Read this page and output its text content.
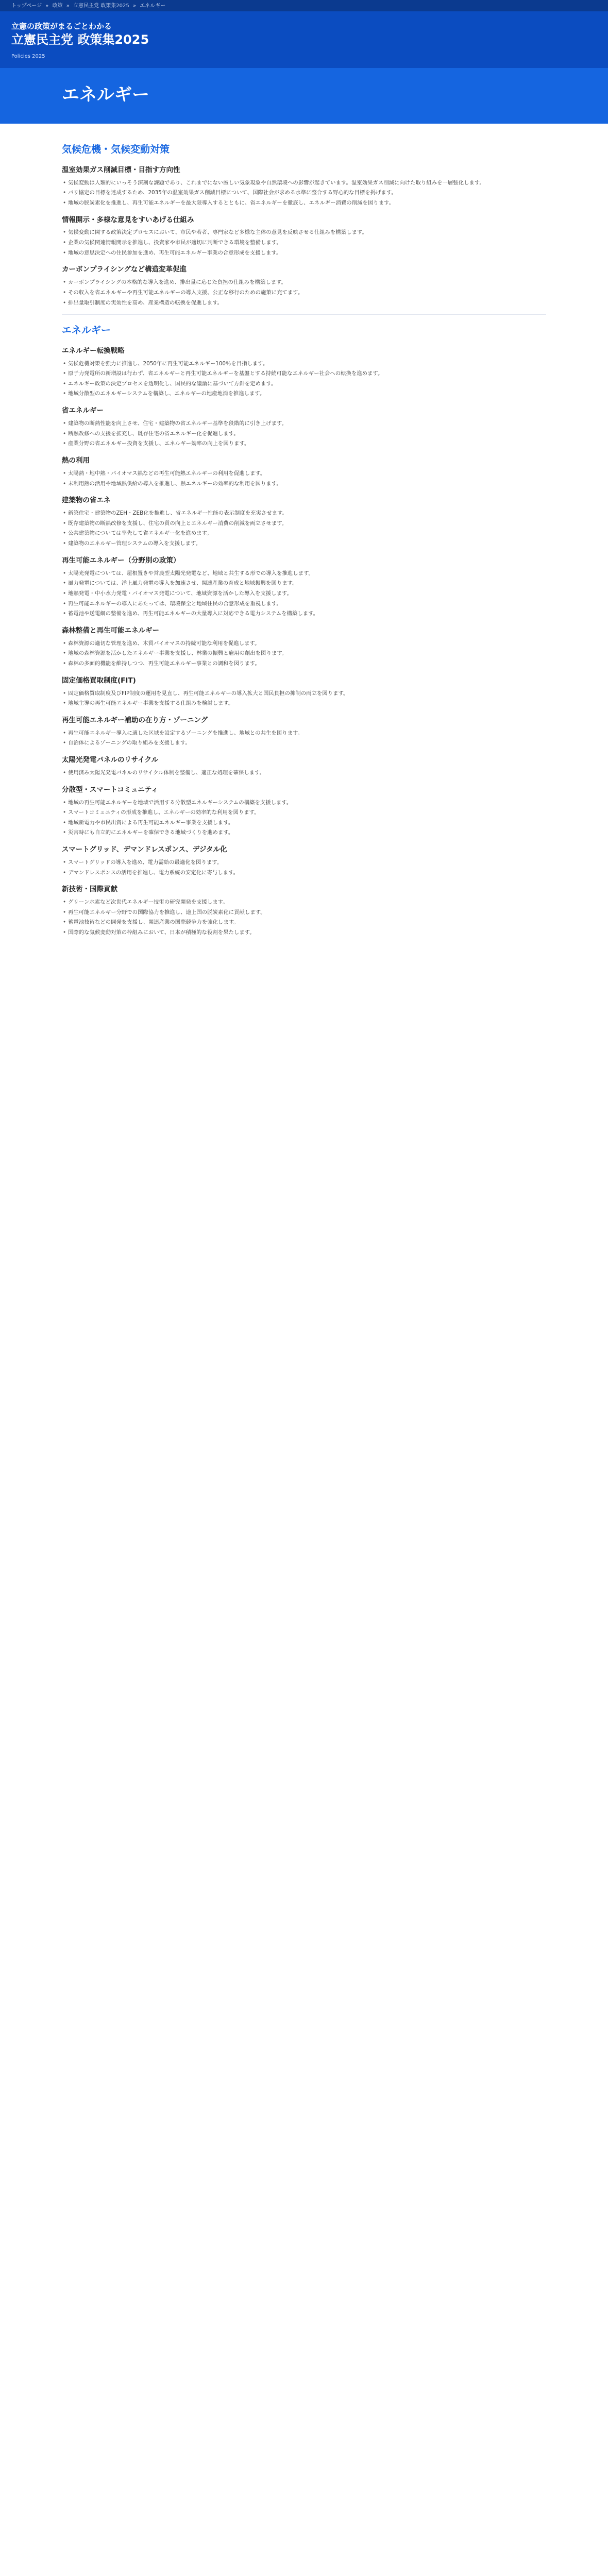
トップページ » 政策 » 立憲民主党 政策集2025 » エネルギー
立憲の政策がまるごとわかる
立憲民主党 政策集2025
Policies 2025
エネルギー
気候危機・気候変動対策
温室効果ガス削減目標・目指す方向性
• 気候変動は人類的にいっそう深刻な課題であり、これまでにない厳しい気象現象や自然環境への影響が起きています。温室効果ガス削減に向けた取り組みを一層強化します。
• パリ協定の目標を達成するため、2035年の温室効果ガス削減目標について、国際社会が求める水準に整合する野心的な目標を掲げます。
• 地域の脱炭素化を推進し、再生可能エネルギーを最大限導入するとともに、省エネルギーを徹底し、エネルギー消費の削減を図ります。
情報開示・多様な意見をすいあげる仕組み
• 気候変動に関する政策決定プロセスにおいて、市民や若者、専門家など多様な主体の意見を反映させる仕組みを構築します。
• 企業の気候関連情報開示を推進し、投資家や市民が適切に判断できる環境を整備します。
• 地域の意思決定への住民参加を進め、再生可能エネルギー事業の合意形成を支援します。
カーボンプライシングなど構造変革促進
• カーボンプライシングの本格的な導入を進め、排出量に応じた負担の仕組みを構築します。
• その収入を省エネルギーや再生可能エネルギーの導入支援、公正な移行のための施策に充てます。
• 排出量取引制度の実効性を高め、産業構造の転換を促進します。
エネルギー
エネルギー転換戦略
• 気候危機対策を強力に推進し、2050年に再生可能エネルギー100％を目指します。
• 原子力発電所の新増設は行わず、省エネルギーと再生可能エネルギーを基盤とする持続可能なエネルギー社会への転換を進めます。
• エネルギー政策の決定プロセスを透明化し、国民的な議論に基づいて方針を定めます。
• 地域分散型のエネルギーシステムを構築し、エネルギーの地産地消を推進します。
省エネルギー
• 建築物の断熱性能を向上させ、住宅・建築物の省エネルギー基準を段階的に引き上げます。
• 断熱改修への支援を拡充し、既存住宅の省エネルギー化を促進します。
• 産業分野の省エネルギー投資を支援し、エネルギー効率の向上を図ります。
熱の利用
• 太陽熱・地中熱・バイオマス熱などの再生可能熱エネルギーの利用を促進します。
• 未利用熱の活用や地域熱供給の導入を推進し、熱エネルギーの効率的な利用を図ります。
建築物の省エネ
• 新築住宅・建築物のZEH・ZEB化を推進し、省エネルギー性能の表示制度を充実させます。
• 既存建築物の断熱改修を支援し、住宅の質の向上とエネルギー消費の削減を両立させます。
• 公共建築物については率先して省エネルギー化を進めます。
• 建築物のエネルギー管理システムの導入を支援します。
再生可能エネルギー（分野別の政策）
• 太陽光発電については、屋根置きや営農型太陽光発電など、地域と共生する形での導入を推進します。
• 風力発電については、洋上風力発電の導入を加速させ、関連産業の育成と地域振興を図ります。
• 地熱発電・中小水力発電・バイオマス発電について、地域資源を活かした導入を支援します。
• 再生可能エネルギーの導入にあたっては、環境保全と地域住民の合意形成を重視します。
• 蓄電池や送電網の整備を進め、再生可能エネルギーの大量導入に対応できる電力システムを構築します。
森林整備と再生可能エネルギー
• 森林資源の適切な管理を進め、木質バイオマスの持続可能な利用を促進します。
• 地域の森林資源を活かしたエネルギー事業を支援し、林業の振興と雇用の創出を図ります。
• 森林の多面的機能を維持しつつ、再生可能エネルギー事業との調和を図ります。
固定価格買取制度(FIT)
• 固定価格買取制度及びFIP制度の運用を見直し、再生可能エネルギーの導入拡大と国民負担の抑制の両立を図ります。
• 地域主導の再生可能エネルギー事業を支援する仕組みを検討します。
再生可能エネルギー補助の在り方・ゾーニング
• 再生可能エネルギー導入に適した区域を設定するゾーニングを推進し、地域との共生を図ります。
• 自治体によるゾーニングの取り組みを支援します。
太陽光発電パネルのリサイクル
• 使用済み太陽光発電パネルのリサイクル体制を整備し、適正な処理を確保します。
分散型・スマートコミュニティ
• 地域の再生可能エネルギーを地域で活用する分散型エネルギーシステムの構築を支援します。
• スマートコミュニティの形成を推進し、エネルギーの効率的な利用を図ります。
• 地域新電力や市民出資による再生可能エネルギー事業を支援します。
• 災害時にも自立的にエネルギーを確保できる地域づくりを進めます。
スマートグリッド、デマンドレスポンス、デジタル化
• スマートグリッドの導入を進め、電力需給の最適化を図ります。
• デマンドレスポンスの活用を推進し、電力系統の安定化に寄与します。
新技術・国際貢献
• グリーン水素など次世代エネルギー技術の研究開発を支援します。
• 再生可能エネルギー分野での国際協力を推進し、途上国の脱炭素化に貢献します。
• 蓄電池技術などの開発を支援し、関連産業の国際競争力を強化します。
• 国際的な気候変動対策の枠組みにおいて、日本が積極的な役割を果たします。
